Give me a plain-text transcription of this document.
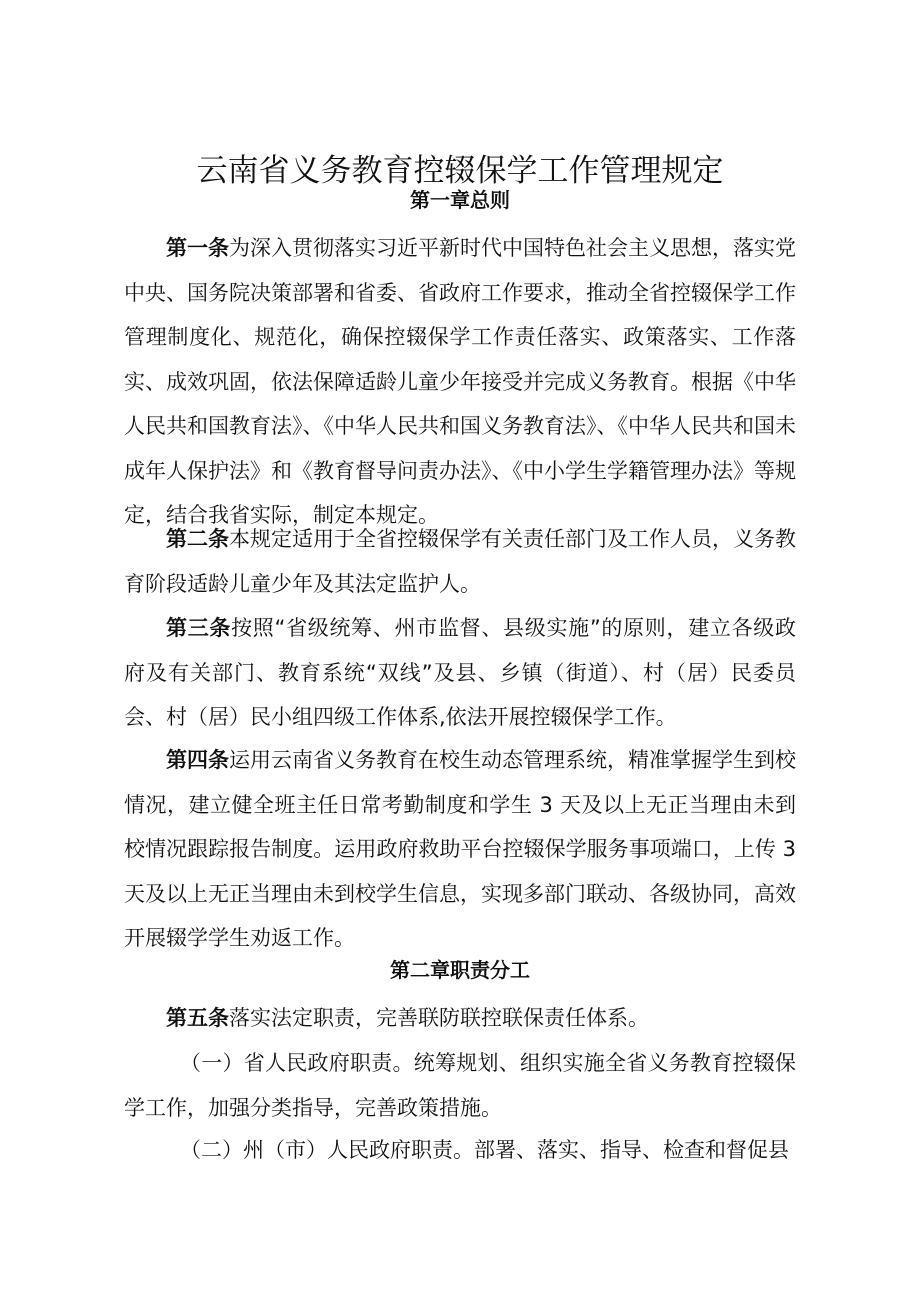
云南省义务教育控辍保学工作管理规定
第一章总则

第一条为深入贯彻落实习近平新时代中国特色社会主义思想，落实党中央、国务院决策部署和省委、省政府工作要求，推动全省控辍保学工作管理制度化、规范化，确保控辍保学工作责任落实、政策落实、工作落实、成效巩固，依法保障适龄儿童少年接受并完成义务教育。根据《中华人民共和国教育法》、《中华人民共和国义务教育法》、《中华人民共和国未成年人保护法》和《教育督导问责办法》、《中小学生学籍管理办法》等规定，结合我省实际，制定本规定。

第二条本规定适用于全省控辍保学有关责任部门及工作人员，义务教育阶段适龄儿童少年及其法定监护人。

第三条按照“省级统筹、州市监督、县级实施”的原则，建立各级政府及有关部门、教育系统“双线”及县、乡镇（街道）、村（居）民委员会、村（居）民小组四级工作体系,依法开展控辍保学工作。

第四条运用云南省义务教育在校生动态管理系统，精准掌握学生到校情况，建立健全班主任日常考勤制度和学生 3 天及以上无正当理由未到校情况跟踪报告制度。运用政府救助平台控辍保学服务事项端口，上传 3 天及以上无正当理由未到校学生信息，实现多部门联动、各级协同，高效开展辍学学生劝返工作。

第二章职责分工

第五条落实法定职责，完善联防联控联保责任体系。

（一）省人民政府职责。统筹规划、组织实施全省义务教育控辍保学工作，加强分类指导，完善政策措施。

（二）州（市）人民政府职责。部署、落实、指导、检查和督促县
